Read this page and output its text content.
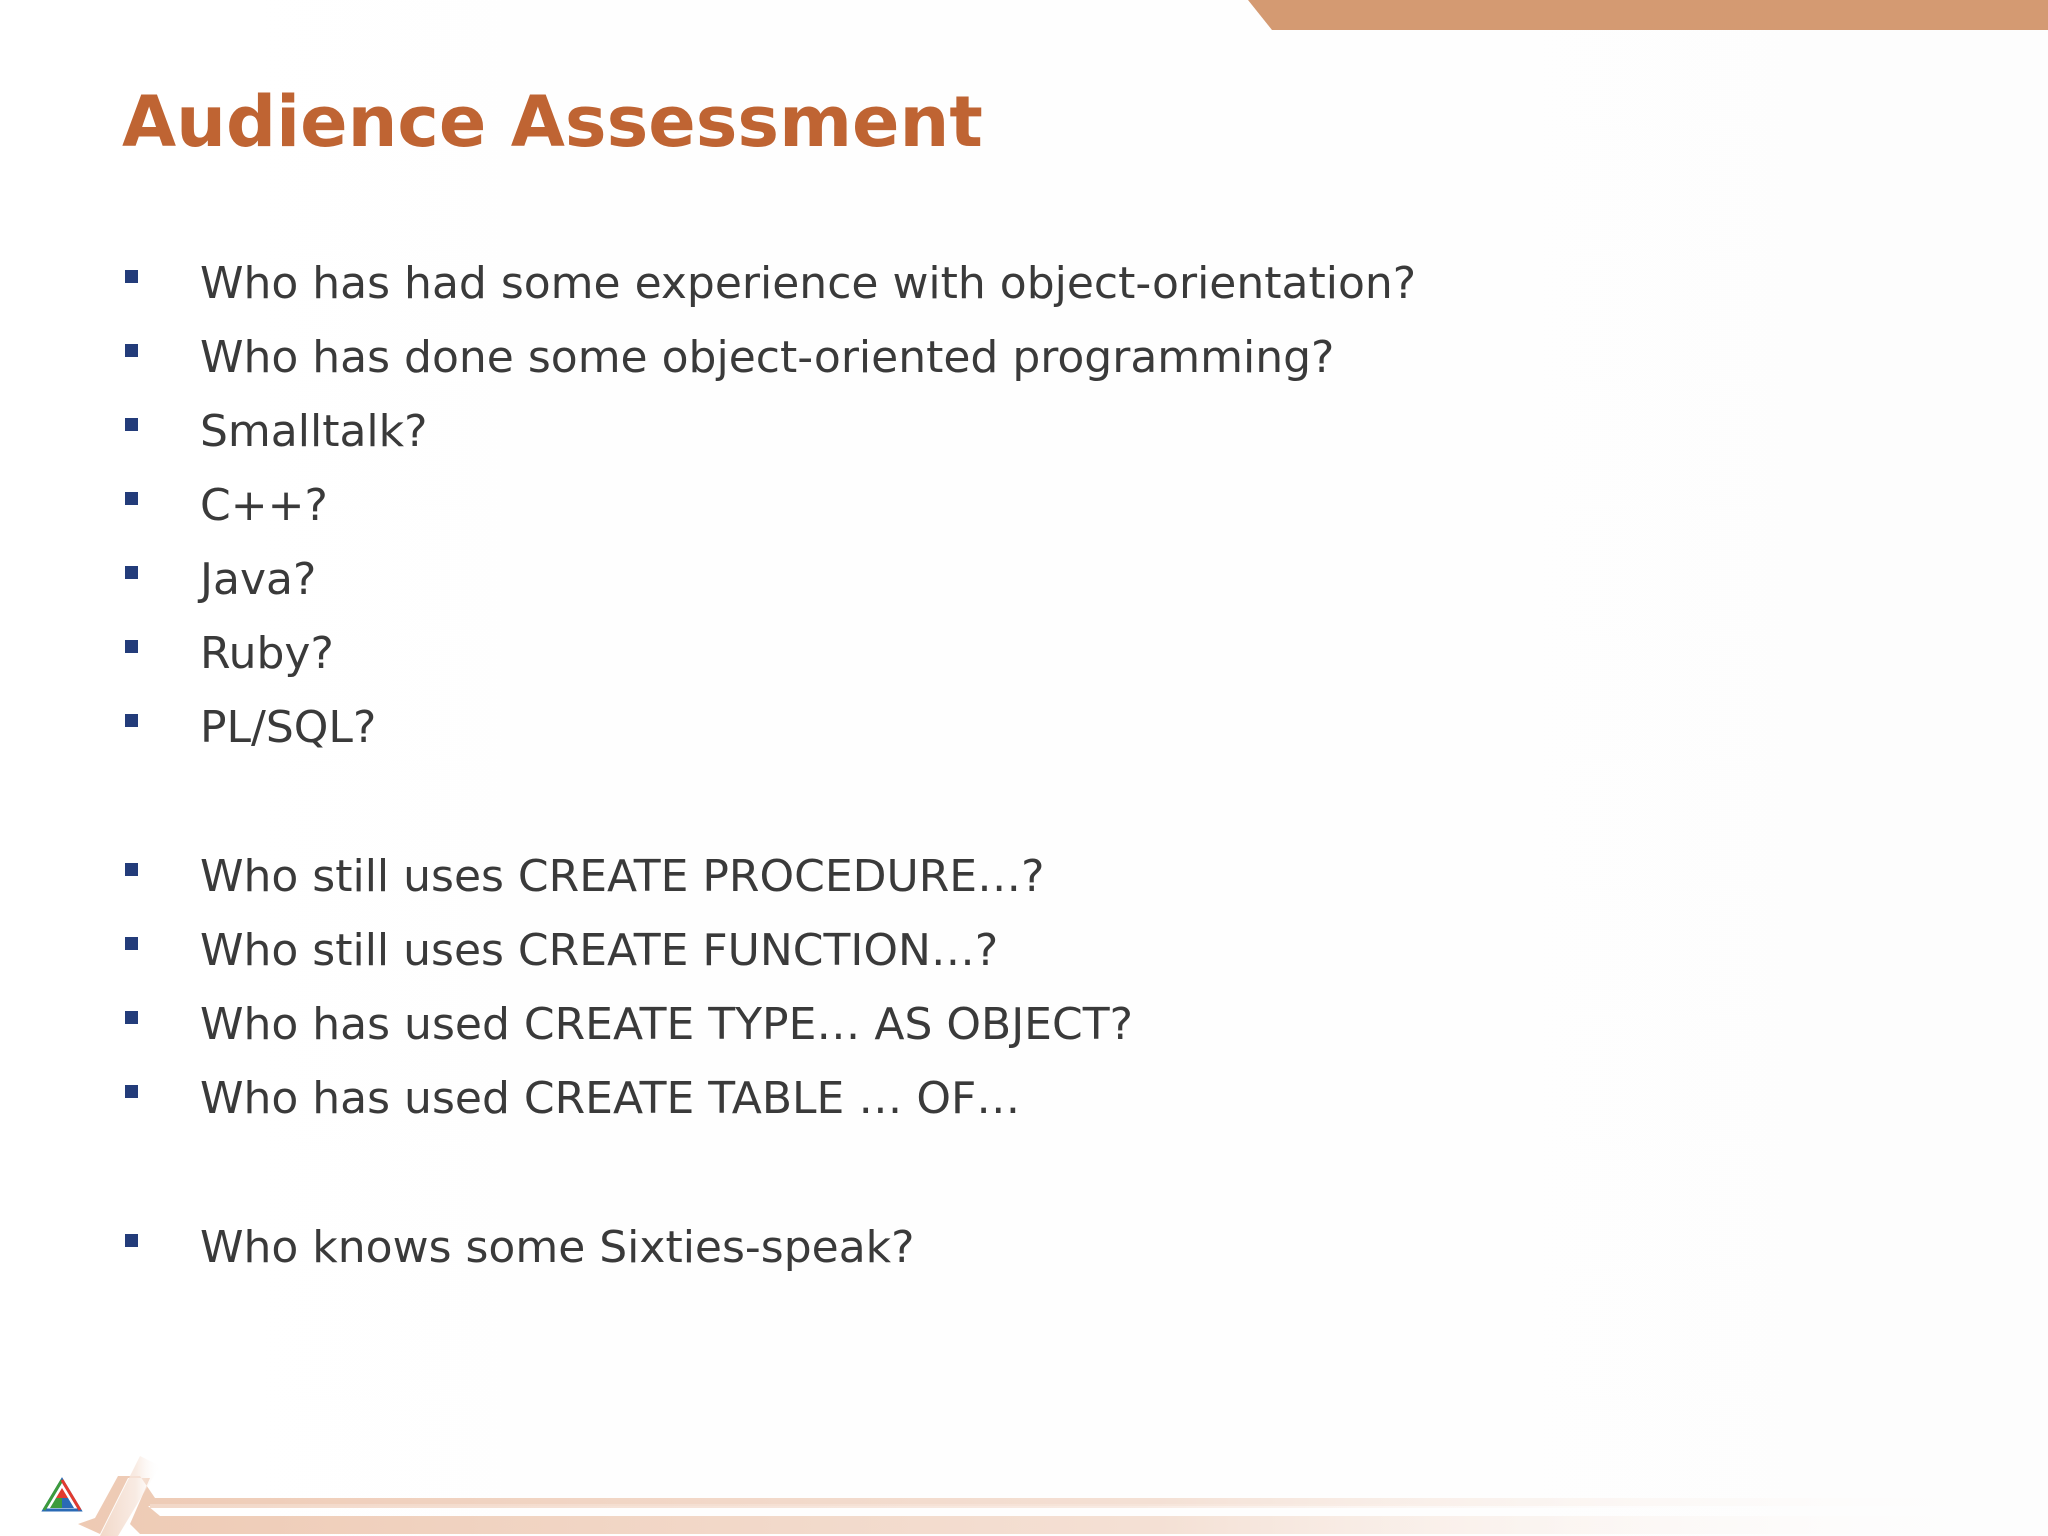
Audience Assessment
Who has had some experience with object-orientation?
Who has done some object-oriented programming?
Smalltalk?
C++?
Java?
Ruby?
PL/SQL?
Who still uses CREATE PROCEDURE…?
Who still uses CREATE FUNCTION…?
Who has used CREATE TYPE… AS OBJECT?
Who has used CREATE TABLE … OF…
Who knows some Sixties-speak?
